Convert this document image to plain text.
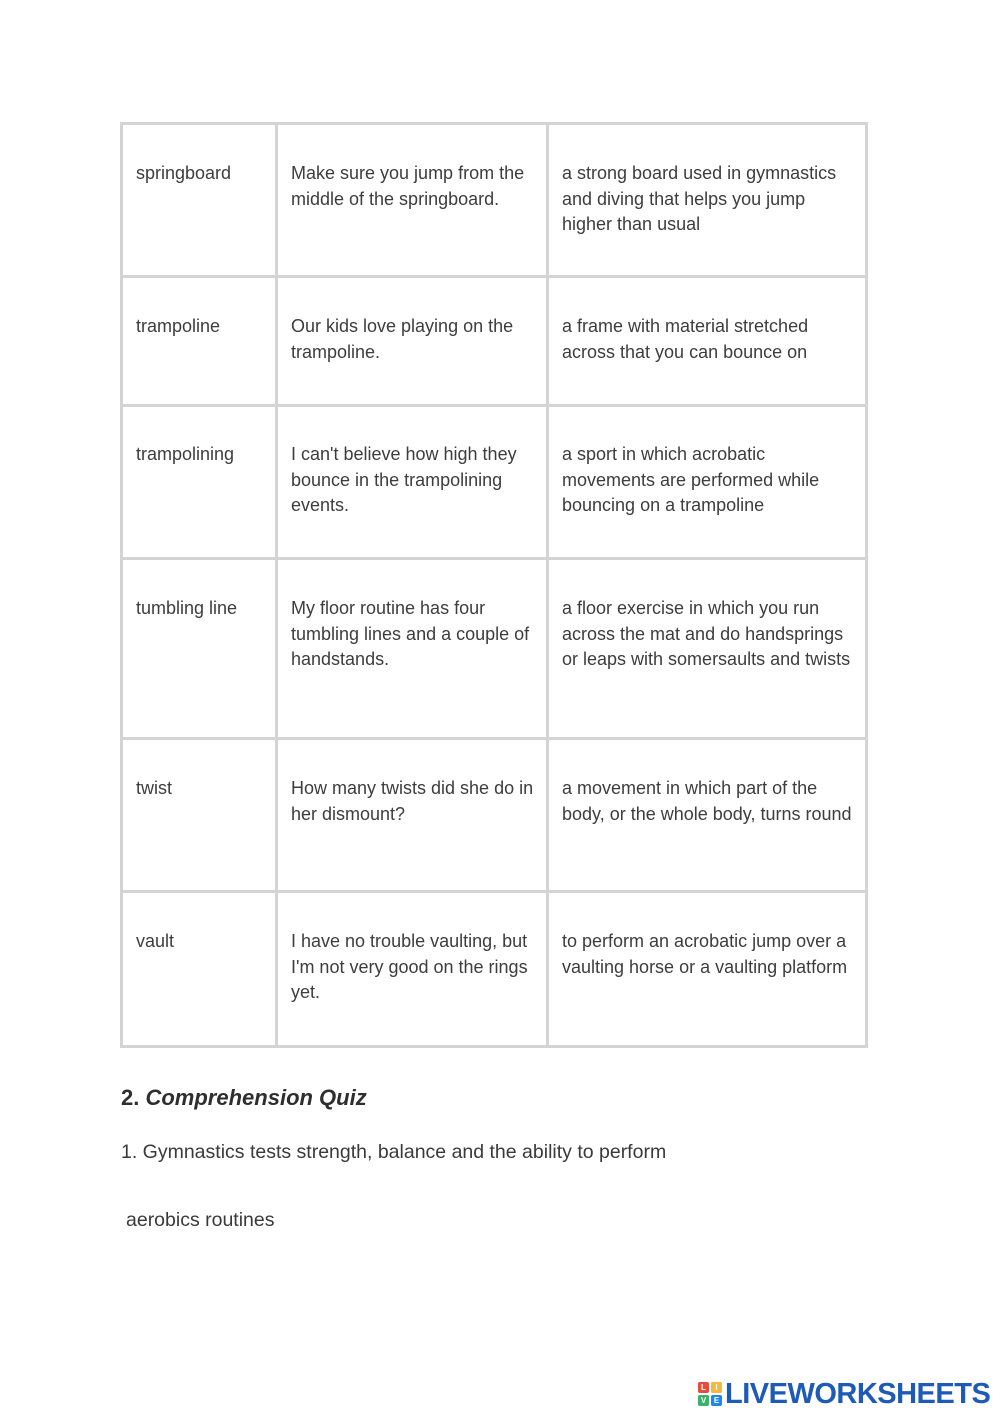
springboard	Make sure you jump from the middle of the springboard.	a strong board used in gymnastics and diving that helps you jump higher than usual
trampoline	Our kids love playing on the trampoline.	a frame with material stretched across that you can bounce on
trampolining	I can't believe how high they bounce in the trampolining events.	a sport in which acrobatic movements are performed while bouncing on a trampoline
tumbling line	My floor routine has four tumbling lines and a couple of handstands.	a floor exercise in which you run across the mat and do handsprings or leaps with somersaults and twists
twist	How many twists did she do in her dismount?	a movement in which part of the body, or the whole body, turns round
vault	I have no trouble vaulting, but I'm not very good on the rings yet.	to perform an acrobatic jump over a vaulting horse or a vaulting platform
2. Comprehension Quiz
1. Gymnastics tests strength, balance and the ability to perform
aerobics routines
L	I
V E LIVEWORKSHEETS
